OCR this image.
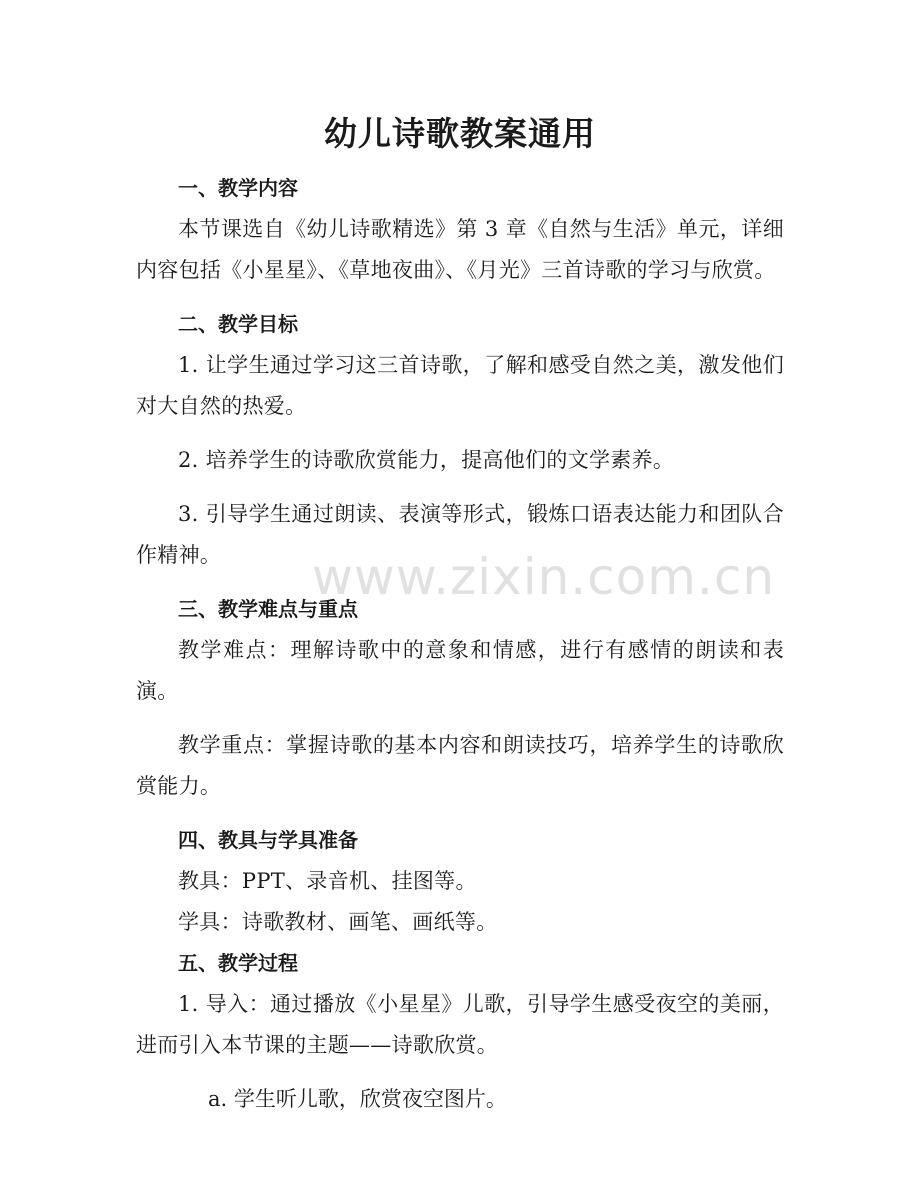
幼儿诗歌教案通用
www.zixin.com.cn

一、教学内容

本节课选自《幼儿诗歌精选》第 3 章《自然与生活》单元，详细内容包括《小星星》、《草地夜曲》、《月光》三首诗歌的学习与欣赏。

二、教学目标

1. 让学生通过学习这三首诗歌，了解和感受自然之美，激发他们对大自然的热爱。

2. 培养学生的诗歌欣赏能力，提高他们的文学素养。

3. 引导学生通过朗读、表演等形式，锻炼口语表达能力和团队合作精神。

三、教学难点与重点

教学难点：理解诗歌中的意象和情感，进行有感情的朗读和表演。

教学重点：掌握诗歌的基本内容和朗读技巧，培养学生的诗歌欣赏能力。

四、教具与学具准备

教具：PPT、录音机、挂图等。

学具：诗歌教材、画笔、画纸等。

五、教学过程

1. 导入：通过播放《小星星》儿歌，引导学生感受夜空的美丽，进而引入本节课的主题——诗歌欣赏。

a. 学生听儿歌，欣赏夜空图片。
